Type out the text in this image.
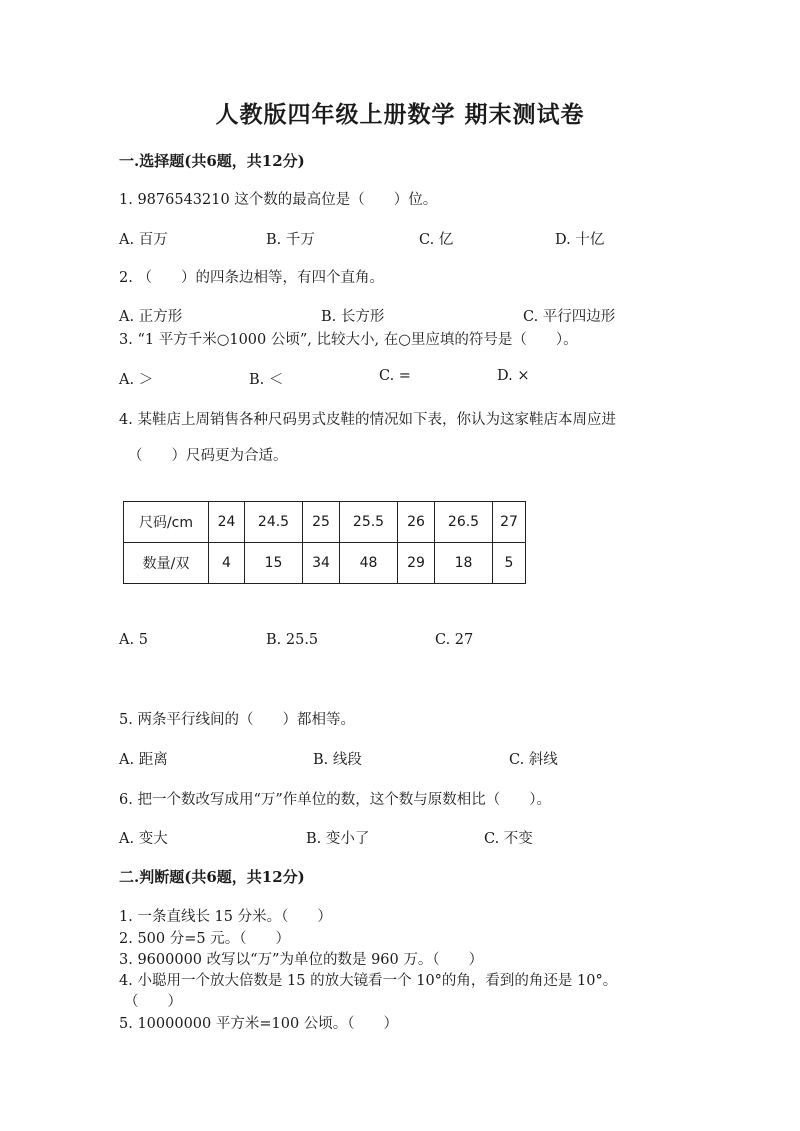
人教版四年级上册数学 期末测试卷
一.选择题(共6题，共12分)
1. 9876543210 这个数的最高位是（　　）位。
A. 百万	B. 千万	C. 亿	D. 十亿
2. （　　）的四条边相等，有四个直角。
A. 正方形	B. 长方形	C. 平行四边形
3. “1 平方千米○1000 公顷”, 比较大小, 在○里应填的符号是（　　）。
A. ＞	B. ＜	C. =	D. ×
4. 某鞋店上周销售各种尺码男式皮鞋的情况如下表，你认为这家鞋店本周应进
（　　）尺码更为合适。
尺码/cm	24	24.5	25	25.5	26	26.5	27
数量/双	4	15	34	48	29	18	5
A. 5	B. 25.5	C. 27
5. 两条平行线间的（　　）都相等。
A. 距离	B. 线段	C. 斜线
6. 把一个数改写成用“万”作单位的数，这个数与原数相比（　　）。
A. 变大	B. 变小了	C. 不变
二.判断题(共6题，共12分)
1. 一条直线长 15 分米。（　　）
2. 500 分=5 元。（　　）
3. 9600000 改写以“万”为单位的数是 960 万。（　　）
4. 小聪用一个放大倍数是 15 的放大镜看一个 10°的角，看到的角还是 10°。
（　　）
5. 10000000 平方米=100 公顷。（　　）
